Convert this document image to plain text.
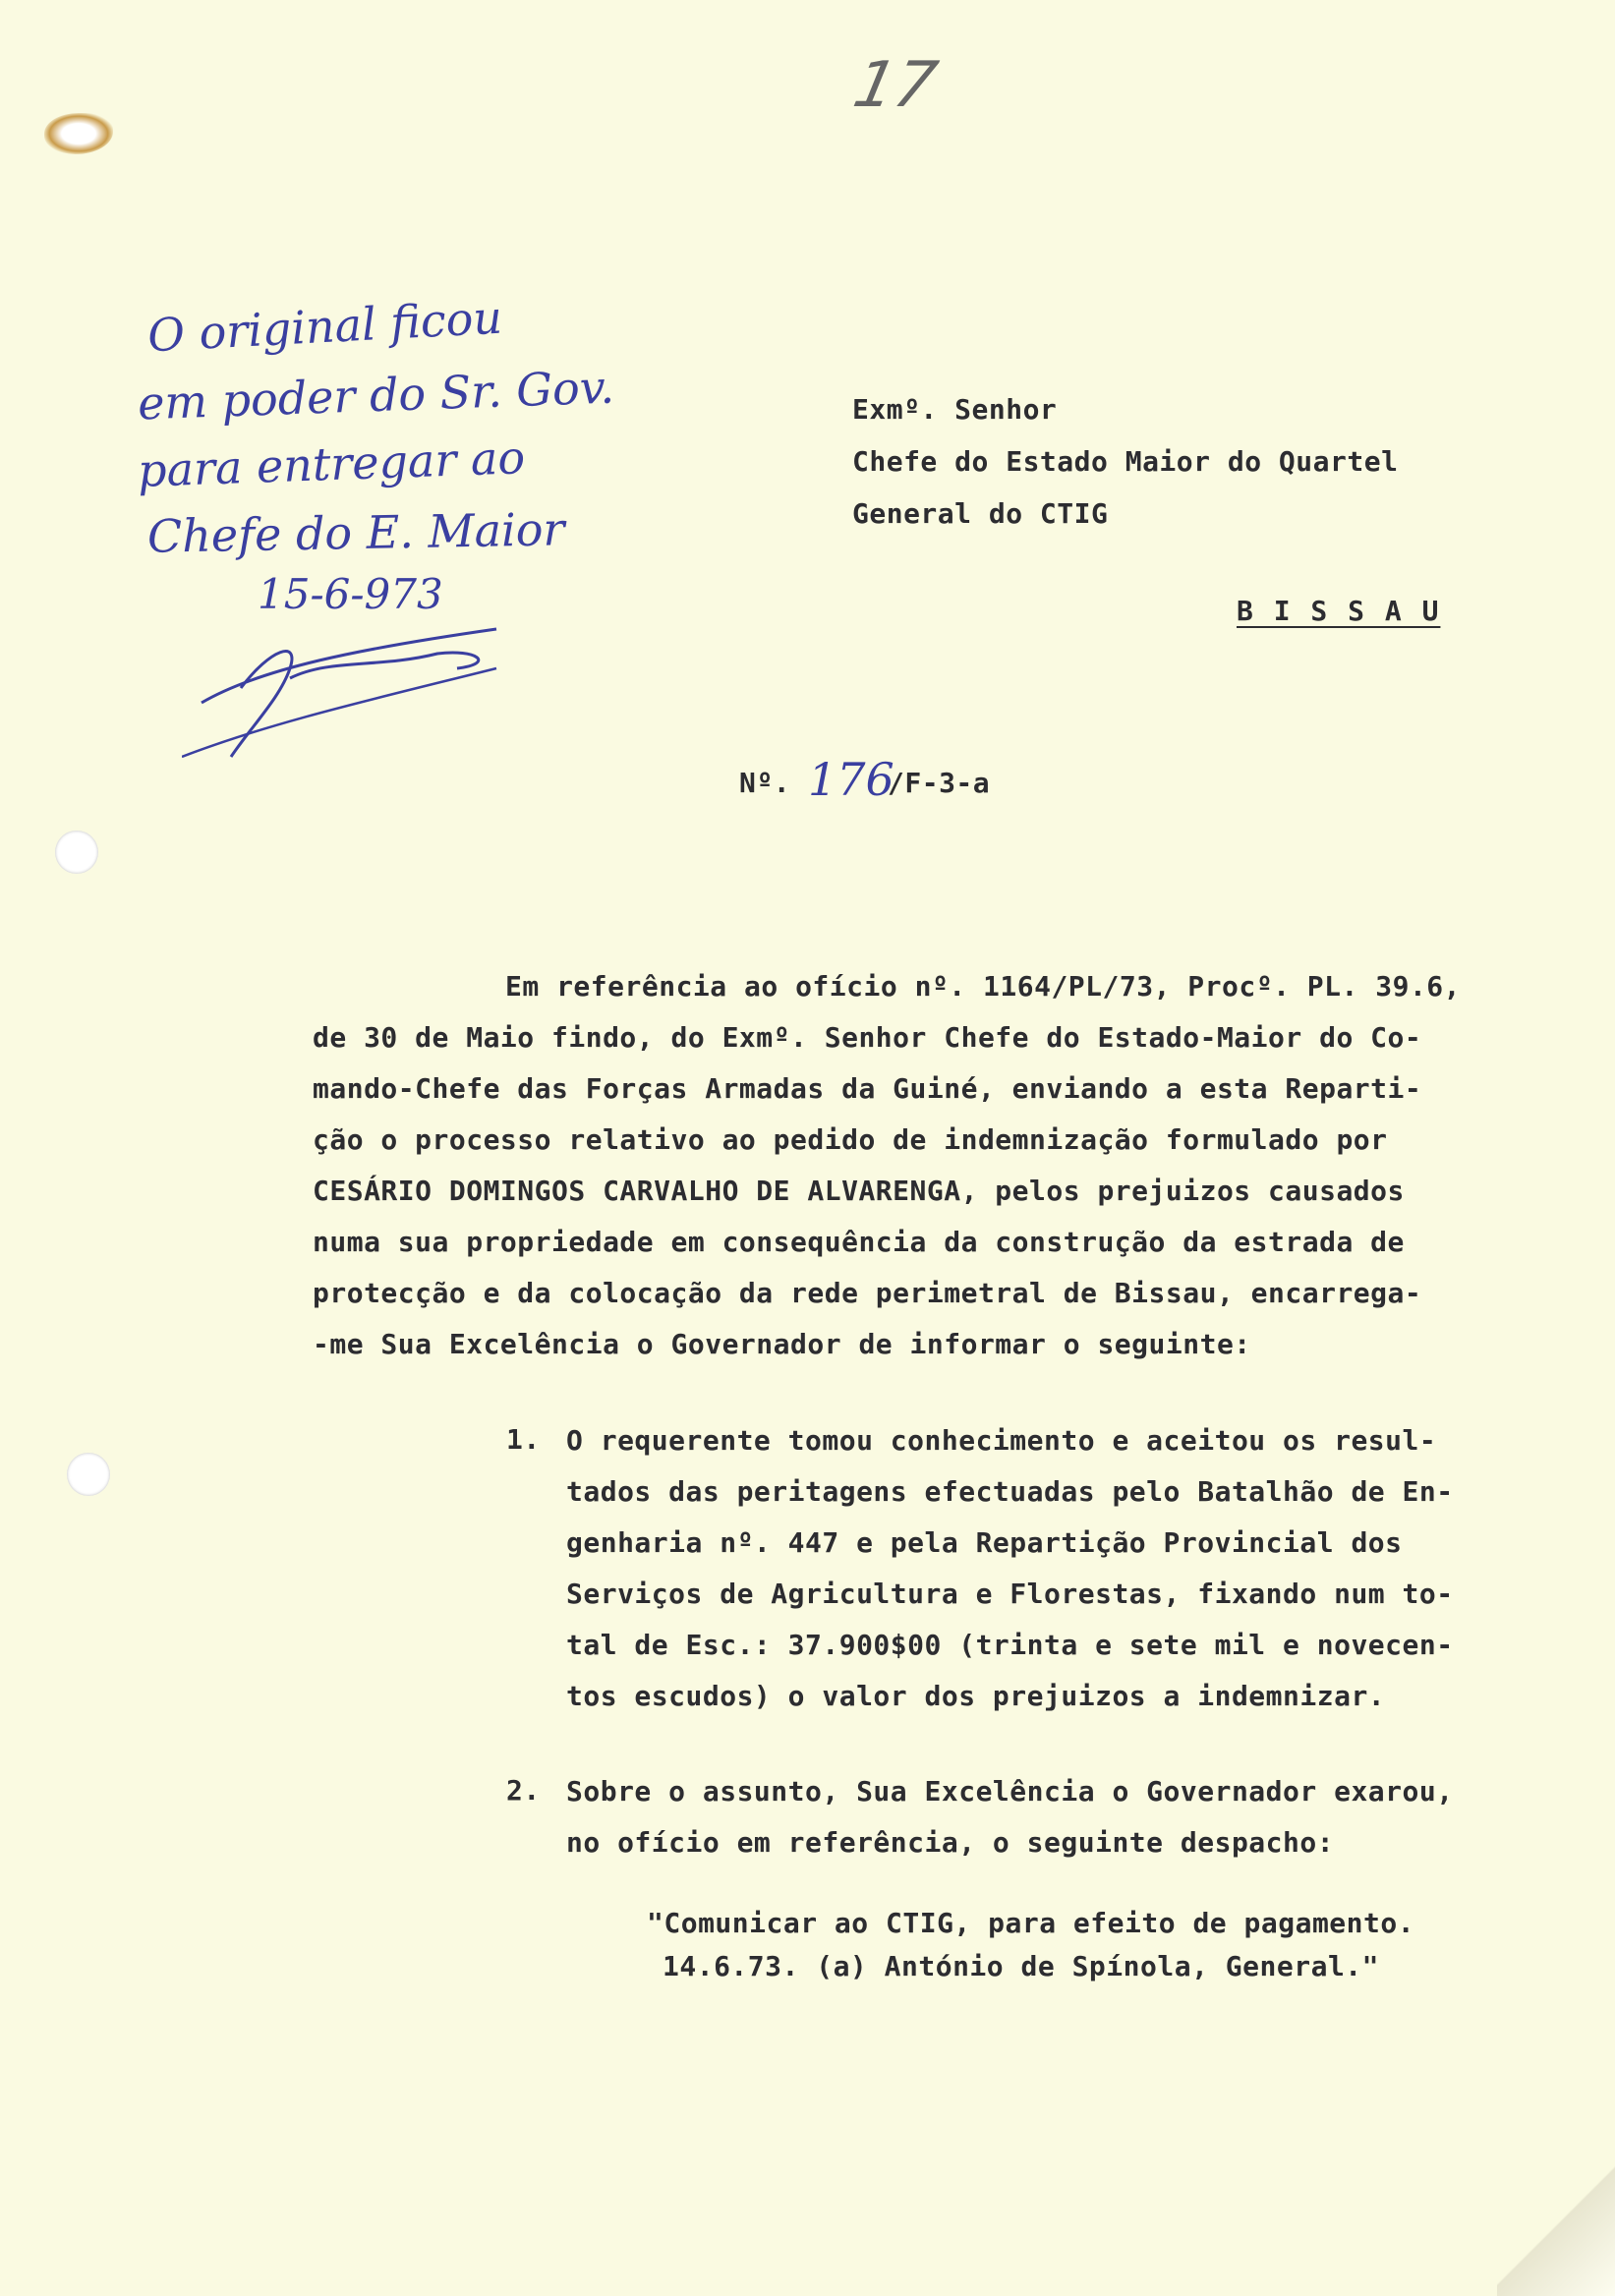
17
O original ficou
em poder do Sr. Gov.
para entregar ao
Chefe do E. Maior
15-6-973
Exmº. Senhor
Chefe do Estado Maior do Quartel
General do CTIG
B I S S A U
Nº. 176
/F-3-a
Em referência ao ofício nº. 1164/PL/73, Procº. PL. 39.6,
de 30 de Maio findo, do Exmº. Senhor Chefe do Estado-Maior do Co-
mando-Chefe das Forças Armadas da Guiné, enviando a esta Reparti-
ção o processo relativo ao pedido de indemnização formulado por
CESÁRIO DOMINGOS CARVALHO DE ALVARENGA, pelos prejuizos causados
numa sua propriedade em consequência da construção da estrada de
protecção e da colocação da rede perimetral de Bissau, encarrega-
-me Sua Excelência o Governador de informar o seguinte:
1. O requerente tomou conhecimento e aceitou os resul-
tados das peritagens efectuadas pelo Batalhão de En-
genharia nº. 447 e pela Repartição Provincial dos
Serviços de Agricultura e Florestas, fixando num to-
tal de Esc.: 37.900$00 (trinta e sete mil e novecen-
tos escudos) o valor dos prejuizos a indemnizar.
2. Sobre o assunto, Sua Excelência o Governador exarou,
no ofício em referência, o seguinte despacho:
"Comunicar ao CTIG, para efeito de pagamento.
14.6.73. (a) António de Spínola, General."
